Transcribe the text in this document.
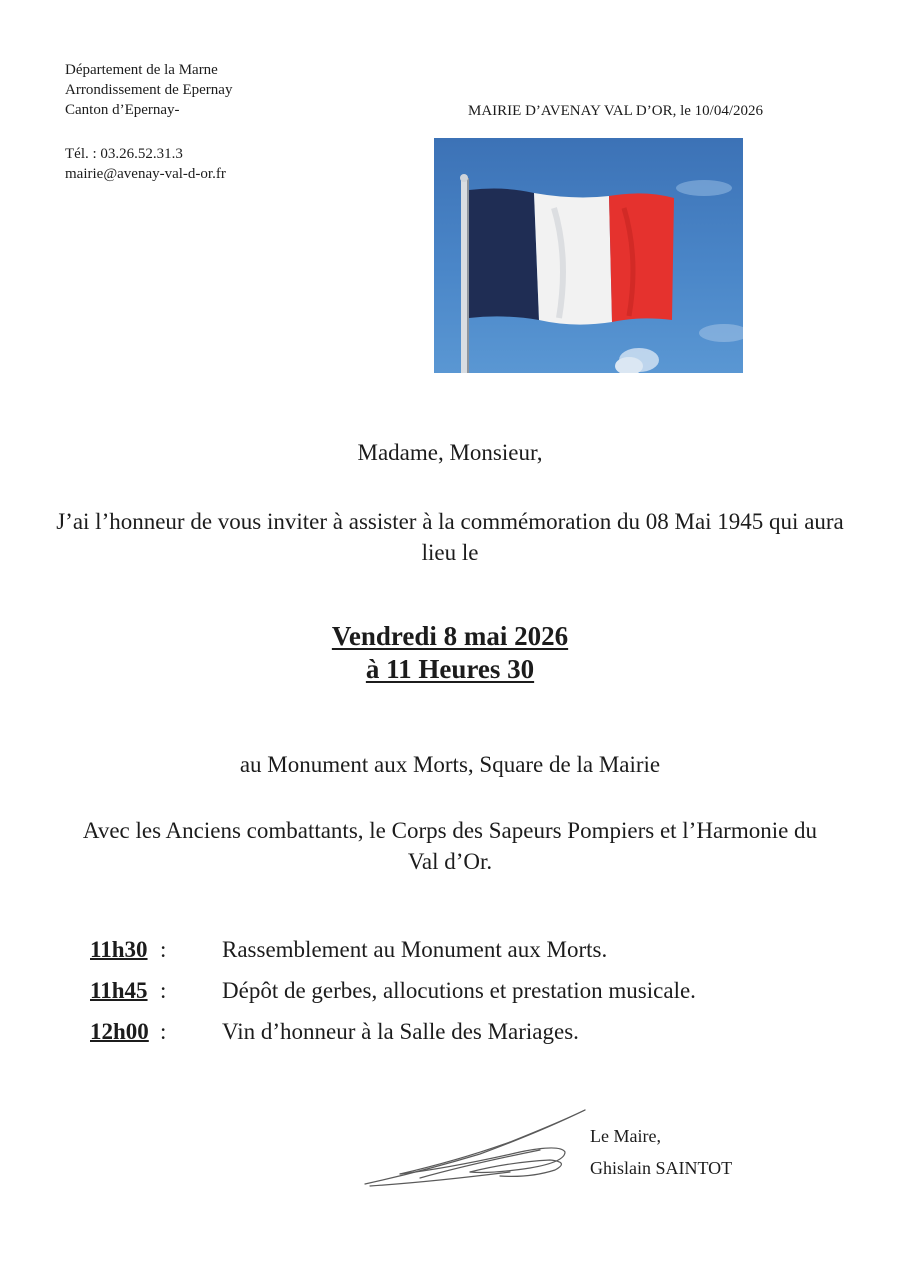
Département de la Marne
Arrondissement de Epernay
Canton d’Epernay-
Tél. : 03.26.52.31.3
mairie@avenay-val-d-or.fr
MAIRIE D’AVENAY VAL D’OR, le 10/04/2026
Madame, Monsieur,
J’ai l’honneur de vous inviter à assister à la commémoration du 08 Mai 1945 qui aura lieu le
Vendredi 8 mai 2026
à 11 Heures 30
au Monument aux Morts, Square de la Mairie
Avec les Anciens combattants, le Corps des Sapeurs Pompiers et l’Harmonie du Val d’Or.
11h30 :	Rassemblement au Monument aux Morts.
11h45 :	Dépôt de gerbes, allocutions et prestation musicale.
12h00 :	Vin d’honneur à la Salle des Mariages.
Le Maire,
Ghislain SAINTOT
